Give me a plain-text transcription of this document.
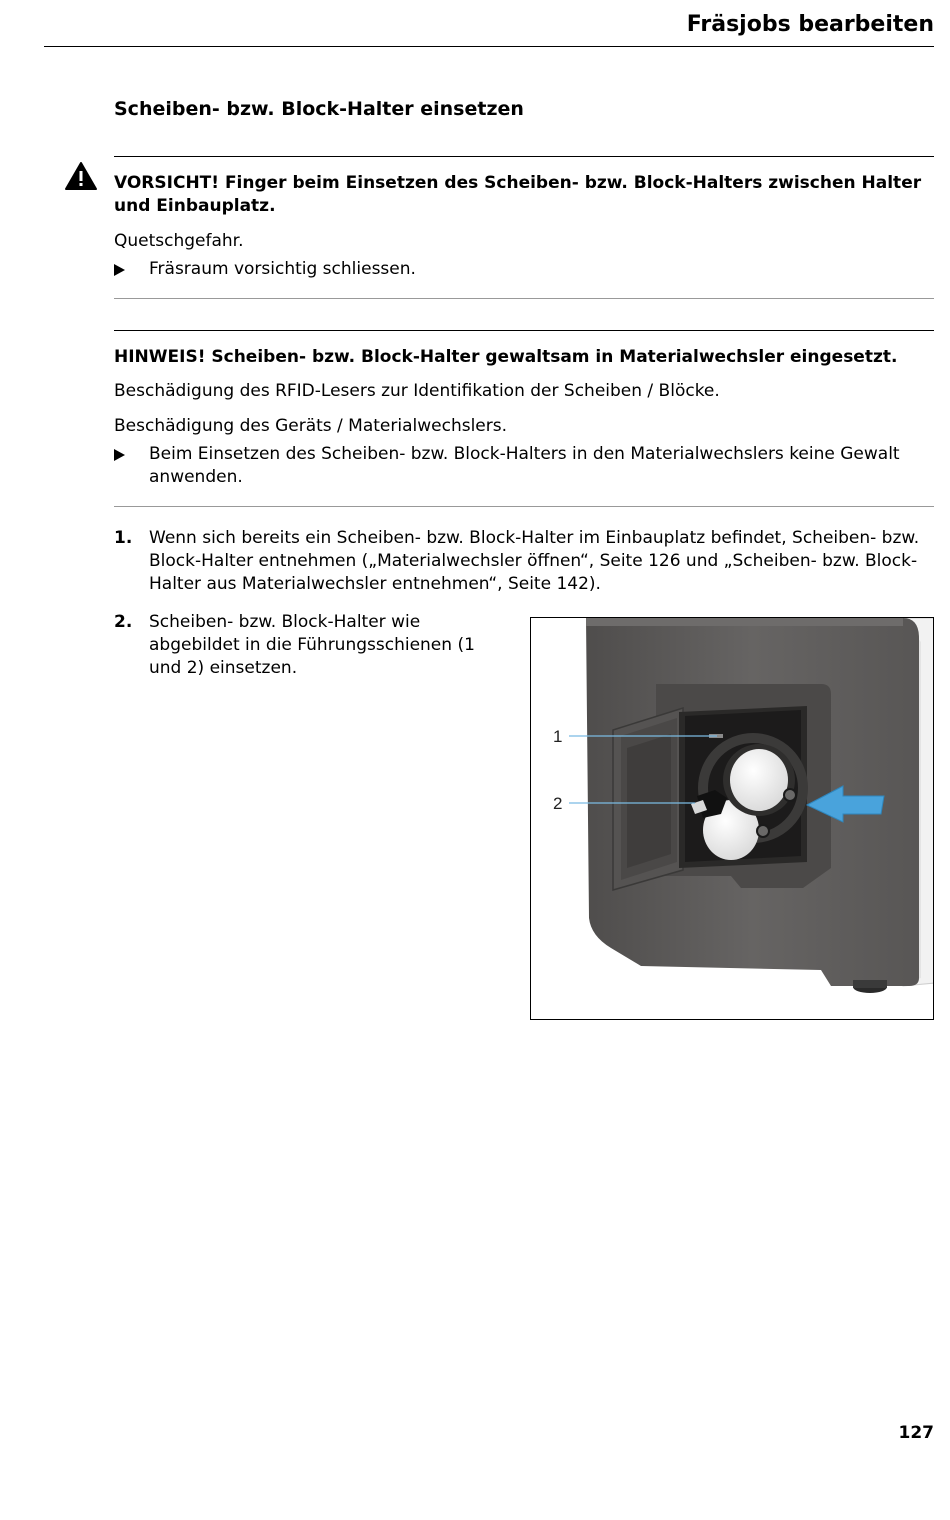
Fräsjobs bearbeiten
Scheiben- bzw. Block-Halter einsetzen
VORSICHT! Finger beim Einsetzen des Scheiben- bzw. Block-Halters zwischen Halter und Einbauplatz.
Quetschgefahr.
Fräsraum vorsichtig schliessen.
HINWEIS! Scheiben- bzw. Block-Halter gewaltsam in Materialwechsler eingesetzt.
Beschädigung des RFID-Lesers zur Identifikation der Scheiben / Blöcke.
Beschädigung des Geräts / Materialwechslers.
Beim Einsetzen des Scheiben- bzw. Block-Halters in den Materialwechslers keine Gewalt anwenden.
1. Wenn sich bereits ein Scheiben- bzw. Block-Halter im Einbauplatz befindet, Scheiben- bzw. Block-Halter entnehmen („Materialwechsler öffnen“, Seite 126 und „Scheiben- bzw. Block-Halter aus Materialwechsler entnehmen“, Seite 142).
2. Scheiben- bzw. Block-Halter wie abgebildet in die Führungsschienen (1 und 2) einsetzen.
1
2
127
